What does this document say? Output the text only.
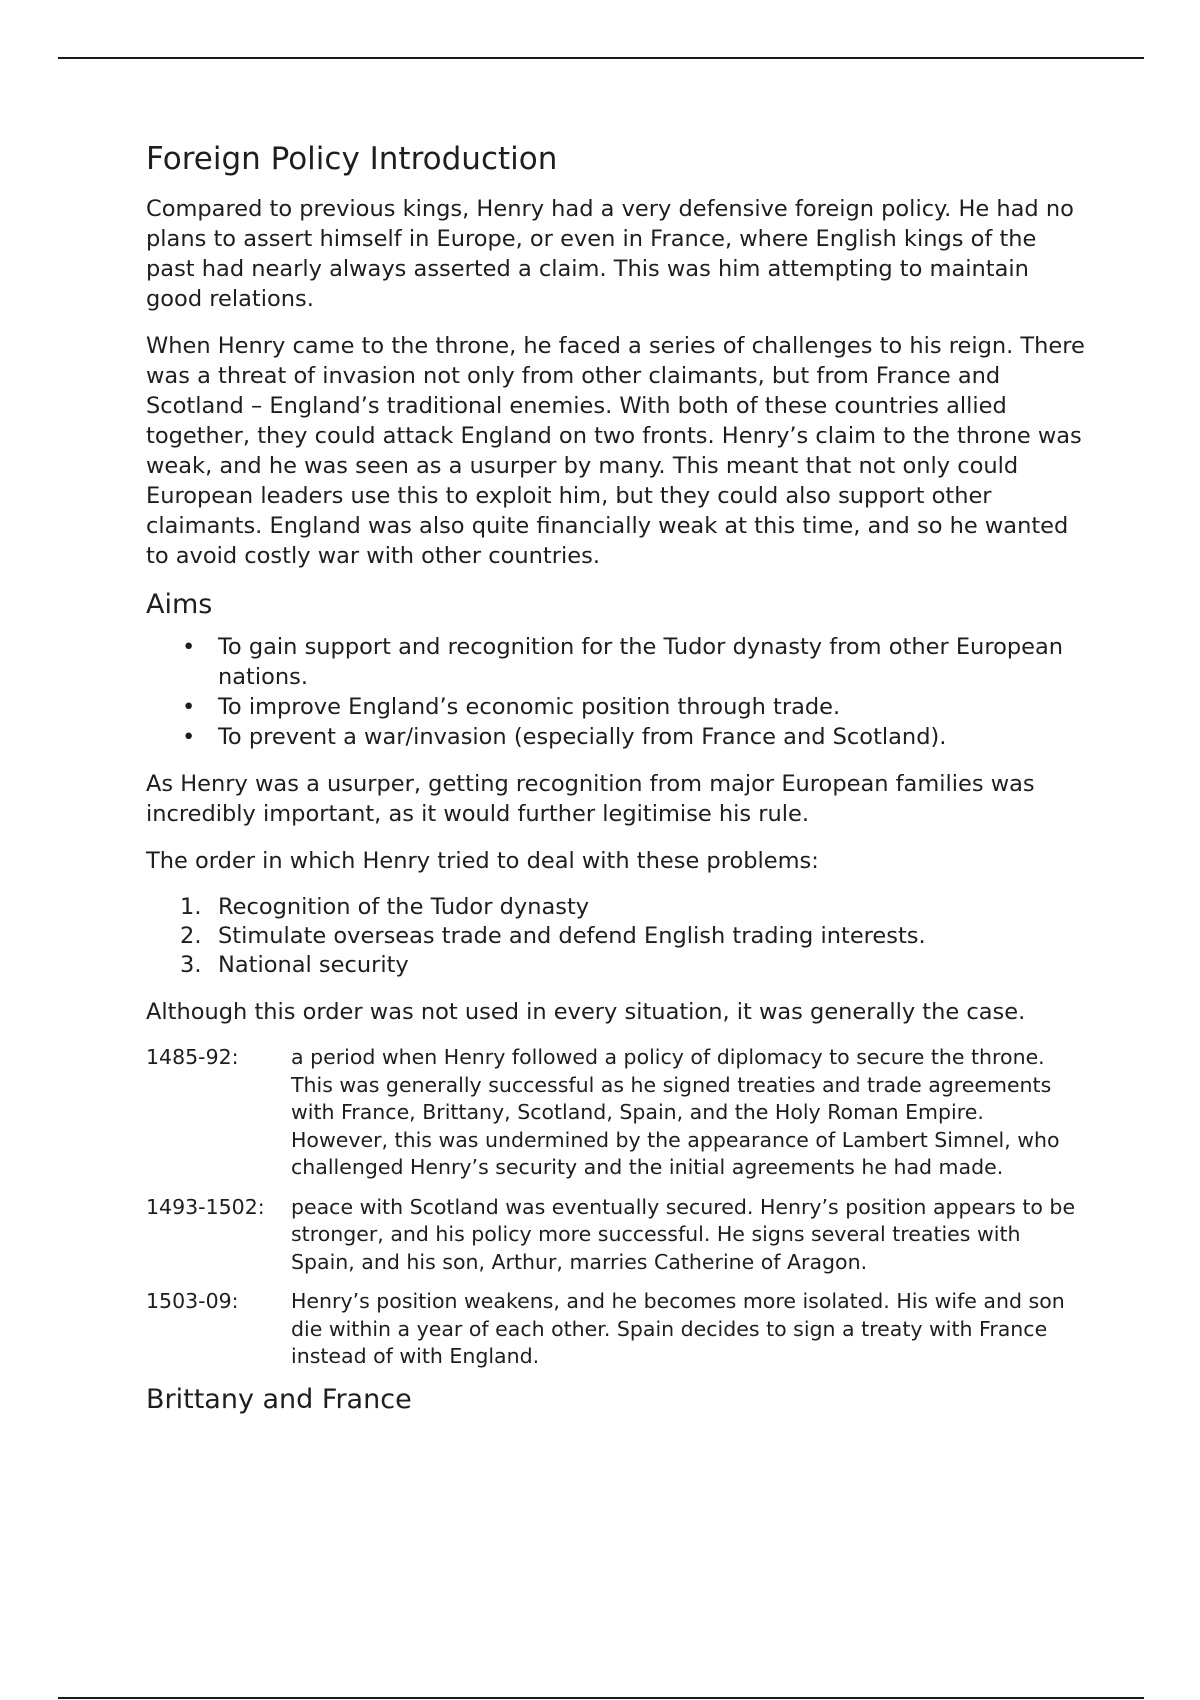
Foreign Policy Introduction

Compared to previous kings, Henry had a very defensive foreign policy. He had no plans to assert himself in Europe, or even in France, where English kings of the past had nearly always asserted a claim. This was him attempting to maintain good relations.

When Henry came to the throne, he faced a series of challenges to his reign. There was a threat of invasion not only from other claimants, but from France and Scotland – England’s traditional enemies. With both of these countries allied together, they could attack England on two fronts. Henry’s claim to the throne was weak, and he was seen as a usurper by many. This meant that not only could European leaders use this to exploit him, but they could also support other claimants. England was also quite financially weak at this time, and so he wanted to avoid costly war with other countries.

Aims
• To gain support and recognition for the Tudor dynasty from other European nations.
• To improve England’s economic position through trade.
• To prevent a war/invasion (especially from France and Scotland).

As Henry was a usurper, getting recognition from major European families was incredibly important, as it would further legitimise his rule.

The order in which Henry tried to deal with these problems:

1. Recognition of the Tudor dynasty
2. Stimulate overseas trade and defend English trading interests.
3. National security

Although this order was not used in every situation, it was generally the case.

1485-92:	a period when Henry followed a policy of diplomacy to secure the throne. This was generally successful as he signed treaties and trade agreements with France, Brittany, Scotland, Spain, and the Holy Roman Empire. However, this was undermined by the appearance of Lambert Simnel, who challenged Henry’s security and the initial agreements he had made.
1493-1502:	peace with Scotland was eventually secured. Henry’s position appears to be stronger, and his policy more successful. He signs several treaties with Spain, and his son, Arthur, marries Catherine of Aragon.
1503-09:	Henry’s position weakens, and he becomes more isolated. His wife and son die within a year of each other. Spain decides to sign a treaty with France instead of with England.
Brittany and France
